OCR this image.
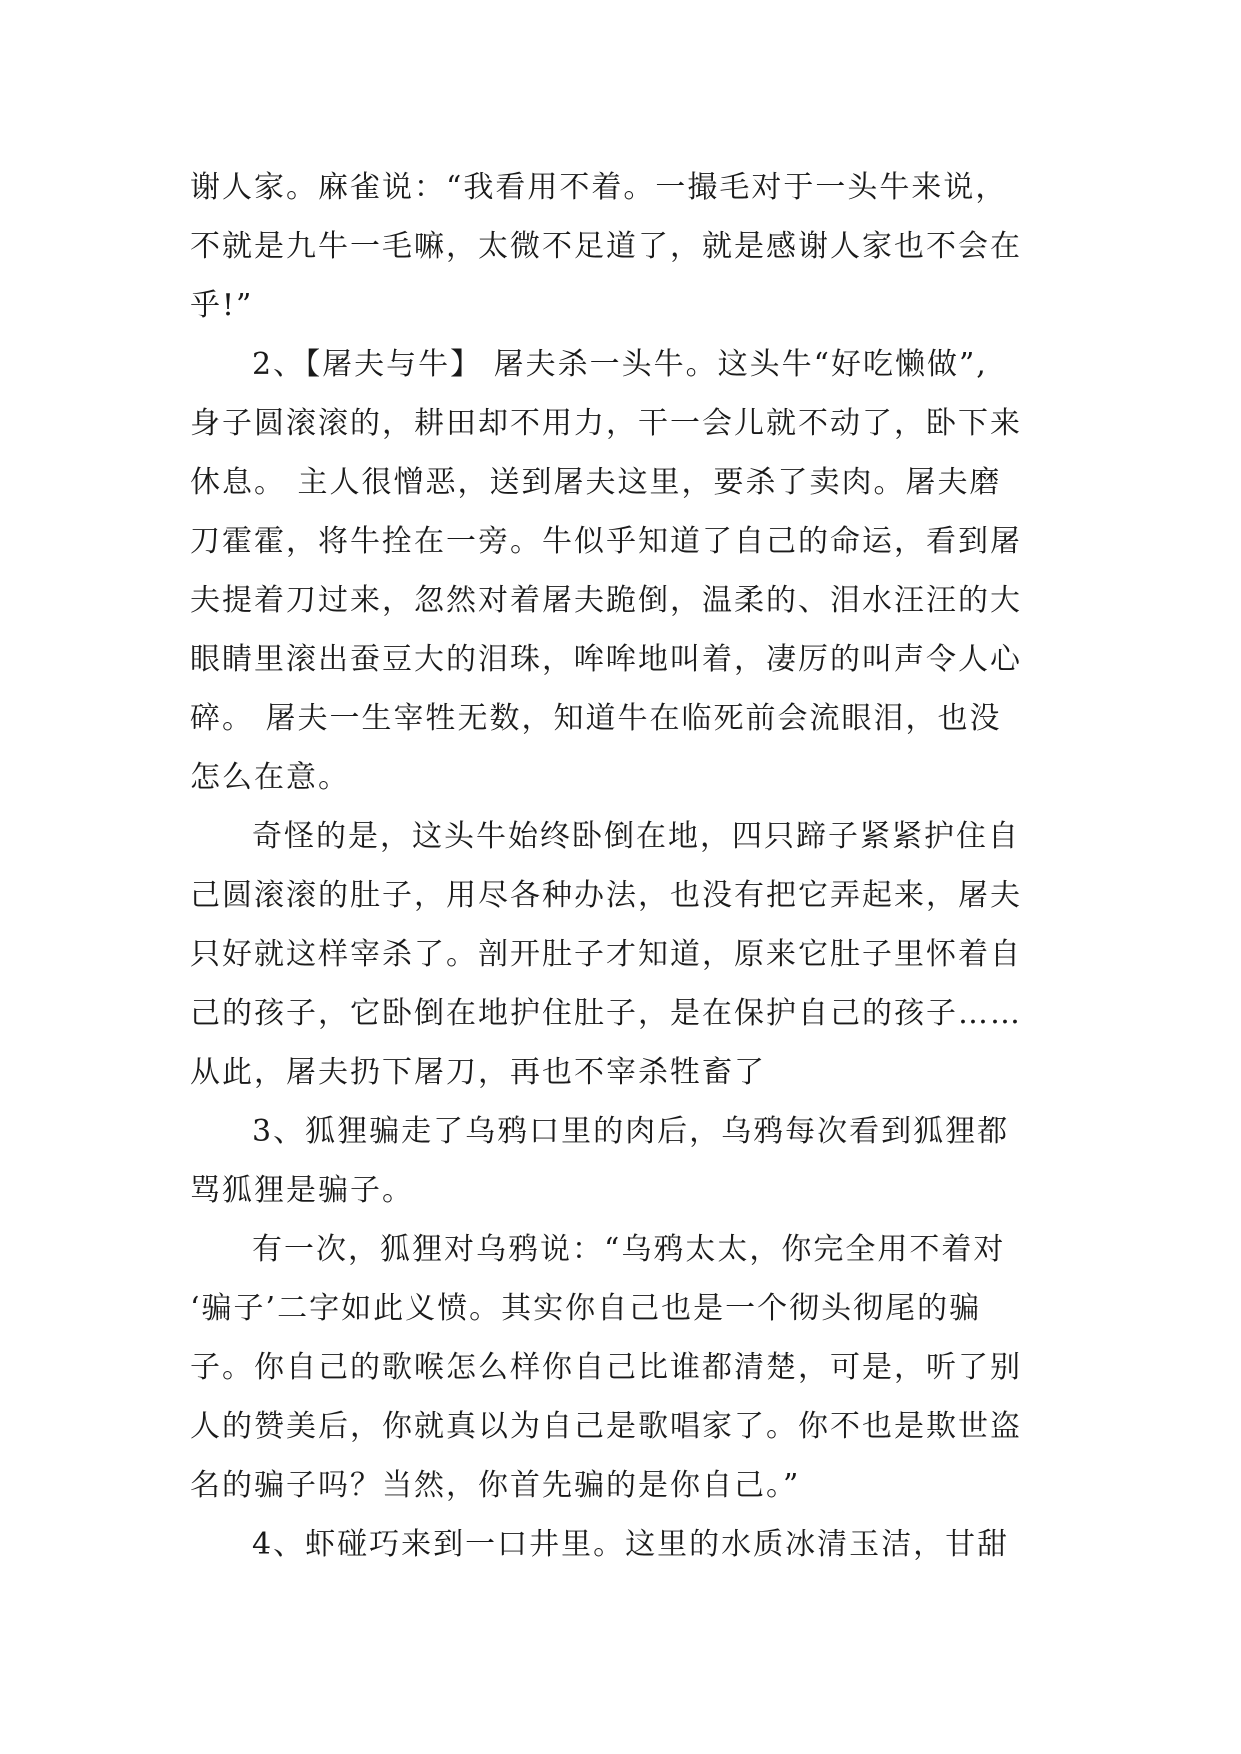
谢人家。麻雀说：“我看用不着。一撮毛对于一头牛来说，
不就是九牛一毛嘛，太微不足道了，就是感谢人家也不会在
乎!”

2、【屠夫与牛】 屠夫杀一头牛。这头牛“好吃懒做”,
身子圆滚滚的，耕田却不用力，干一会儿就不动了，卧下来
休息。 主人很憎恶，送到屠夫这里，要杀了卖肉。屠夫磨
刀霍霍，将牛拴在一旁。牛似乎知道了自己的命运，看到屠
夫提着刀过来，忽然对着屠夫跪倒，温柔的、泪水汪汪的大
眼睛里滚出蚕豆大的泪珠，哞哞地叫着，凄厉的叫声令人心
碎。 屠夫一生宰牲无数，知道牛在临死前会流眼泪，也没
怎么在意。

奇怪的是，这头牛始终卧倒在地，四只蹄子紧紧护住自
己圆滚滚的肚子，用尽各种办法，也没有把它弄起来，屠夫
只好就这样宰杀了。剖开肚子才知道，原来它肚子里怀着自
己的孩子，它卧倒在地护住肚子，是在保护自己的孩子……
从此，屠夫扔下屠刀，再也不宰杀牲畜了

3、狐狸骗走了乌鸦口里的肉后，乌鸦每次看到狐狸都
骂狐狸是骗子。

有一次，狐狸对乌鸦说：“乌鸦太太，你完全用不着对
‘骗子’二字如此义愤。其实你自己也是一个彻头彻尾的骗
子。你自己的歌喉怎么样你自己比谁都清楚，可是，听了别
人的赞美后，你就真以为自己是歌唱家了。你不也是欺世盗
名的骗子吗？当然，你首先骗的是你自己。”

4、虾碰巧来到一口井里。这里的水质冰清玉洁，甘甜
